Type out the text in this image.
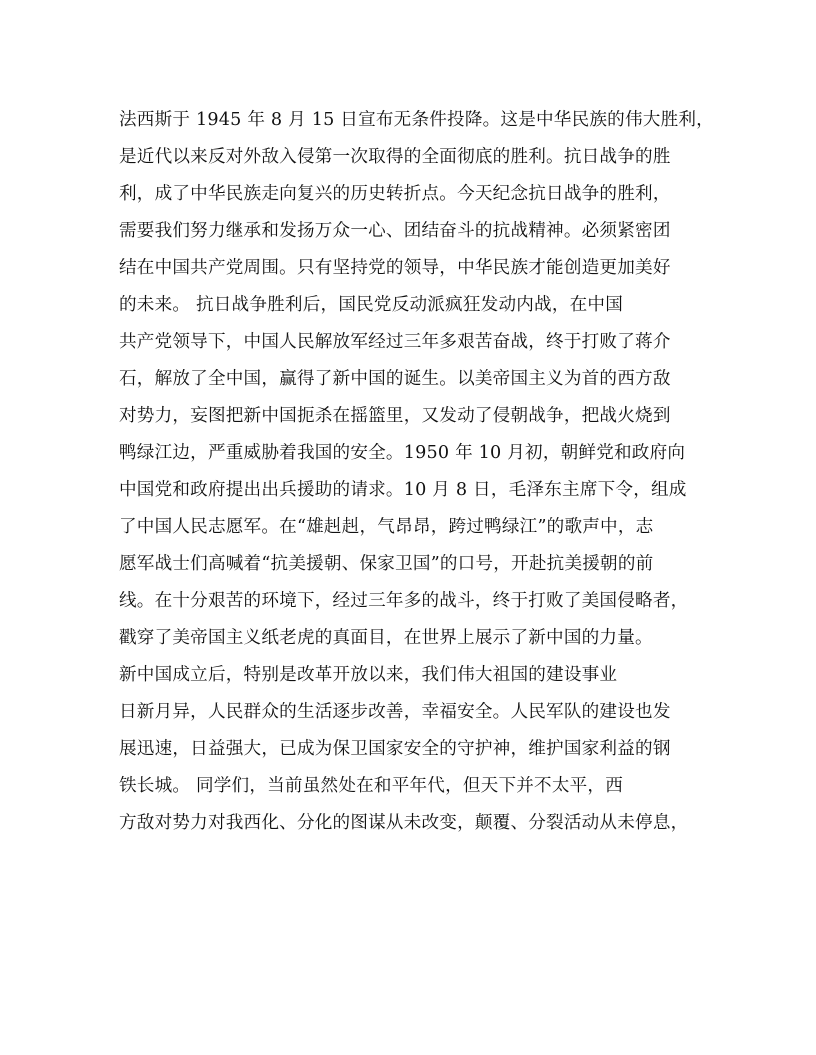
法西斯于 1945 年 8 月 15 日宣布无条件投降。这是中华民族的伟大胜利，
是近代以来反对外敌入侵第一次取得的全面彻底的胜利。抗日战争的胜
利，成了中华民族走向复兴的历史转折点。今天纪念抗日战争的胜利，
需要我们努力继承和发扬万众一心、团结奋斗的抗战精神。必须紧密团
结在中国共产党周围。只有坚持党的领导，中华民族才能创造更加美好
的未来。 抗日战争胜利后，国民党反动派疯狂发动内战，在中国
共产党领导下，中国人民解放军经过三年多艰苦奋战，终于打败了蒋介
石，解放了全中国，赢得了新中国的诞生。以美帝国主义为首的西方敌
对势力，妄图把新中国扼杀在摇篮里，又发动了侵朝战争，把战火烧到
鸭绿江边，严重威胁着我国的安全。1950 年 10 月初，朝鲜党和政府向
中国党和政府提出出兵援助的请求。10 月 8 日，毛泽东主席下令，组成
了中国人民志愿军。在“雄赳赳，气昂昂，跨过鸭绿江”的歌声中，志
愿军战士们高喊着“抗美援朝、保家卫国”的口号，开赴抗美援朝的前
线。在十分艰苦的环境下，经过三年多的战斗，终于打败了美国侵略者，
戳穿了美帝国主义纸老虎的真面目，在世界上展示了新中国的力量。
新中国成立后，特别是改革开放以来，我们伟大祖国的建设事业
日新月异，人民群众的生活逐步改善，幸福安全。人民军队的建设也发
展迅速，日益强大，已成为保卫国家安全的守护神，维护国家利益的钢
铁长城。 同学们，当前虽然处在和平年代，但天下并不太平，西
方敌对势力对我西化、分化的图谋从未改变，颠覆、分裂活动从未停息，
